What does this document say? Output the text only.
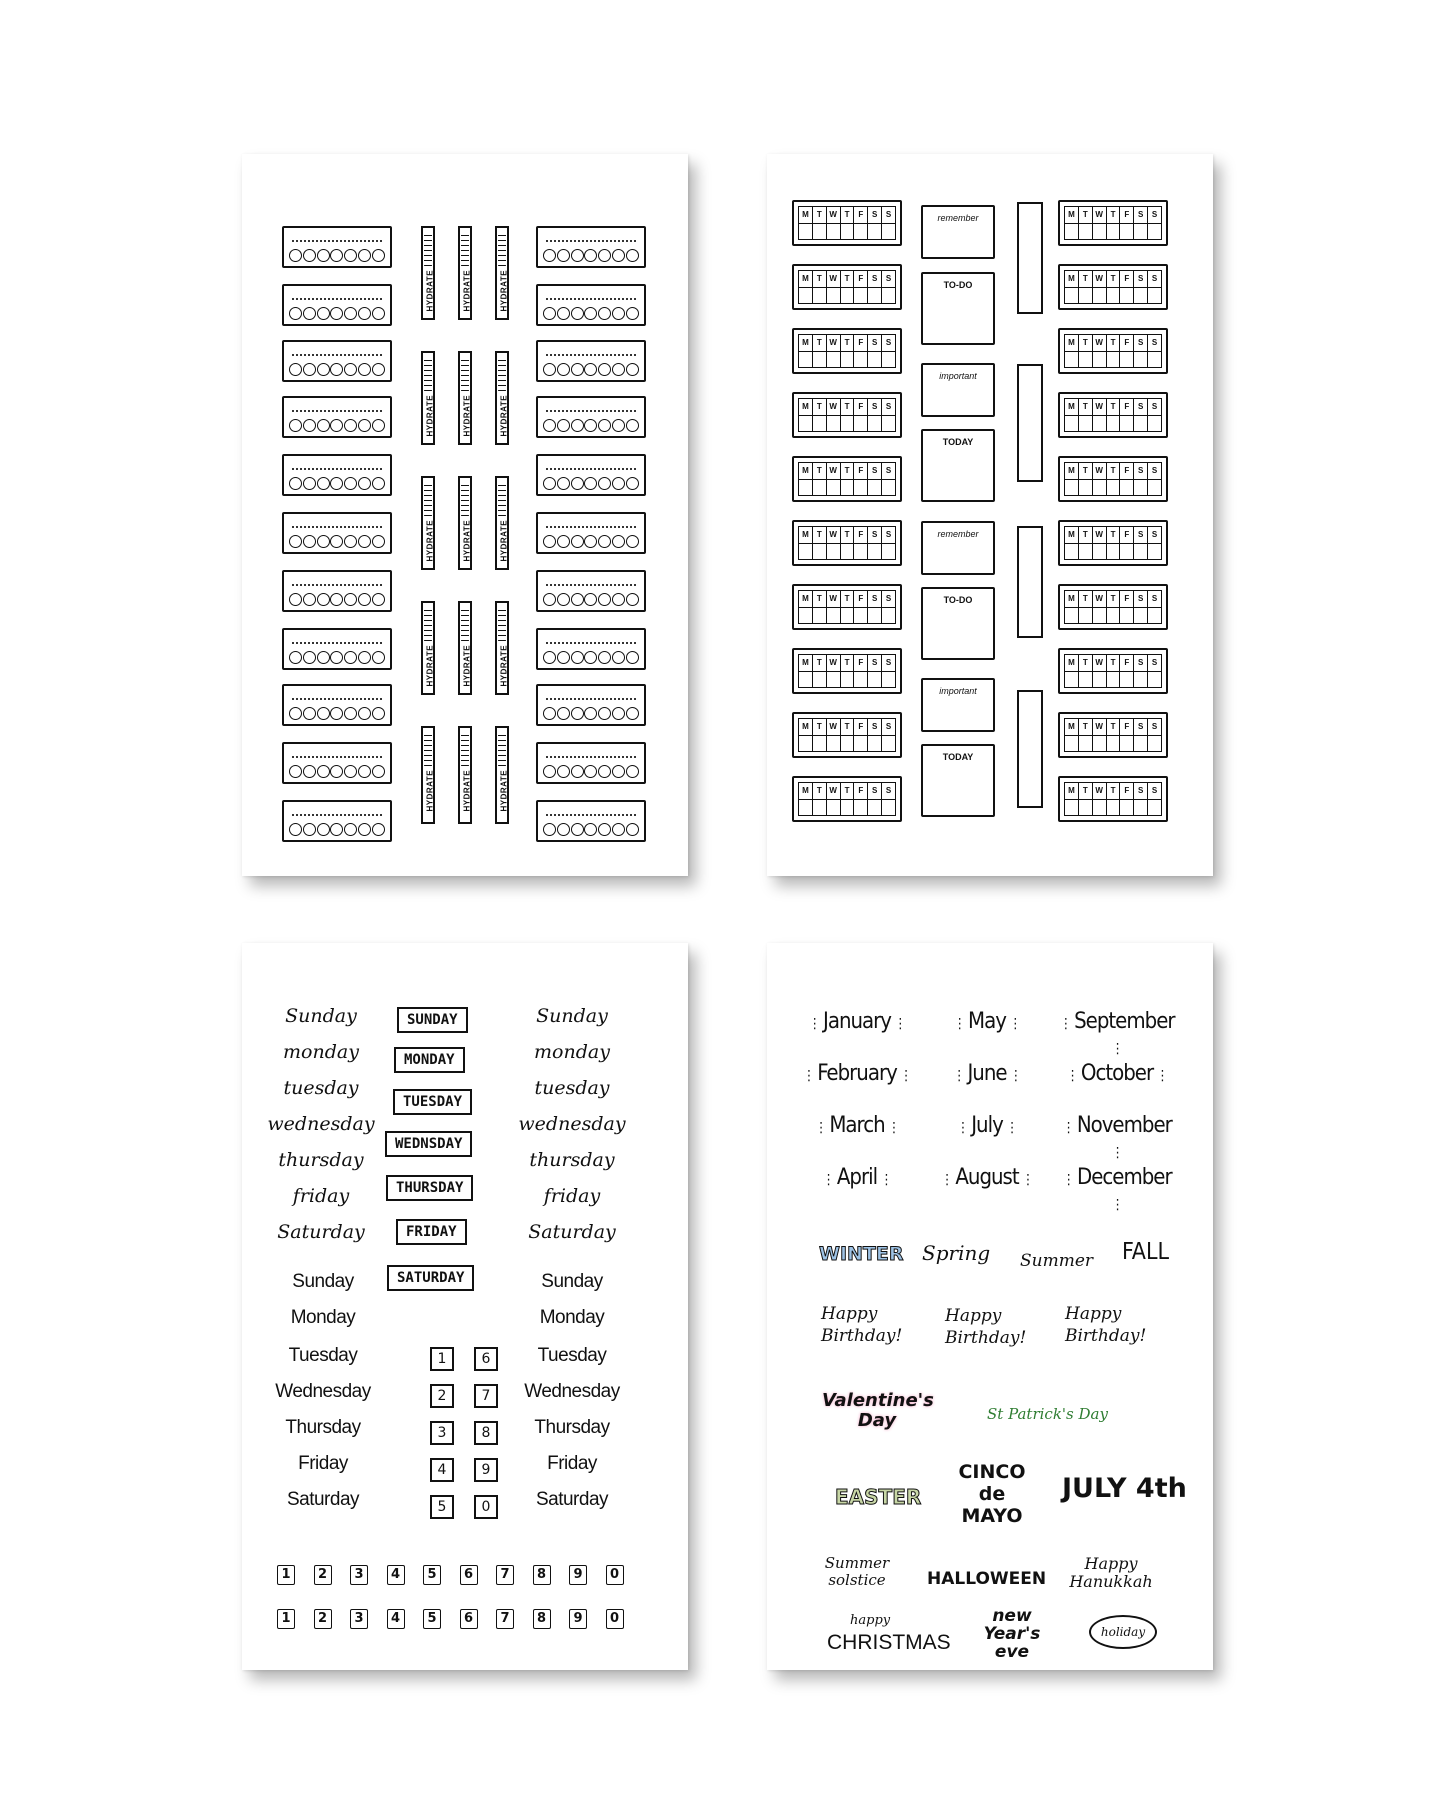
HYDRATE	HYDRATE	HYDRATE
HYDRATE	HYDRATE	HYDRATE
HYDRATE	HYDRATE	HYDRATE
HYDRATE	HYDRATE	HYDRATE
HYDRATE	HYDRATE	HYDRATE
M	T W T	F	S	S
M	T W T	F	S	S
M	T W T	F	S	S
M	T W T	F	S	S
M	T W T	F	S	S
M	T W T	F	S	S
M	T W T	F	S	S
M	T W T	F	S	S
M	T W T	F	S	S
M	T W T	F	S	S
M	T W T	F	S	S
M	T W T	F	S	S
M	T W T	F	S	S
M	T W T	F	S	S
M	T W T	F	S	S
M	T W T	F	S	S
M	T W T	F	S	S
M	T W T	F	S	S
M	T W T	F	S	S
M	T W T	F	S	S
remember
TO-DO
important
TODAY
remember
TO-DO
important
TODAY
Sunday	Sunday
monday	monday
tuesday	tuesday
wednesday	wednesday
thursday	thursday
friday	friday
Saturday	Saturday
SUNDAY
MONDAY
TUESDAY
WEDNSDAY
THURSDAY
FRIDAY
SATURDAY
Sunday	Sunday
Monday	Monday
Tuesday	Tuesday
Wednesday	Wednesday
Thursday	Thursday
Friday	Friday
Saturday	Saturday
1	6
2	7
3	8
4	9
5	0
1	2	3	4	5	6	7	8	9	0
1	2	3	4	5	6	7	8	9	0
⋮ January ⋮	⋮ May ⋮	⋮ September ⋮
⋮ February ⋮	⋮ June ⋮	⋮ October ⋮
⋮ March ⋮	⋮ July ⋮	⋮ November ⋮
⋮ April ⋮	⋮ August ⋮	⋮ December ⋮
WINTER Spring Summer FALL
Happy Birthday!
Happy Birthday!
Happy Birthday!
Valentine's Day	St Patrick's Day
EASTER
CINCO de MAYO
JULY 4th
Summer solstice	HALLOWEEN
Happy Hanukkah
happy
CHRISTMAS
new Year's eve
holiday
